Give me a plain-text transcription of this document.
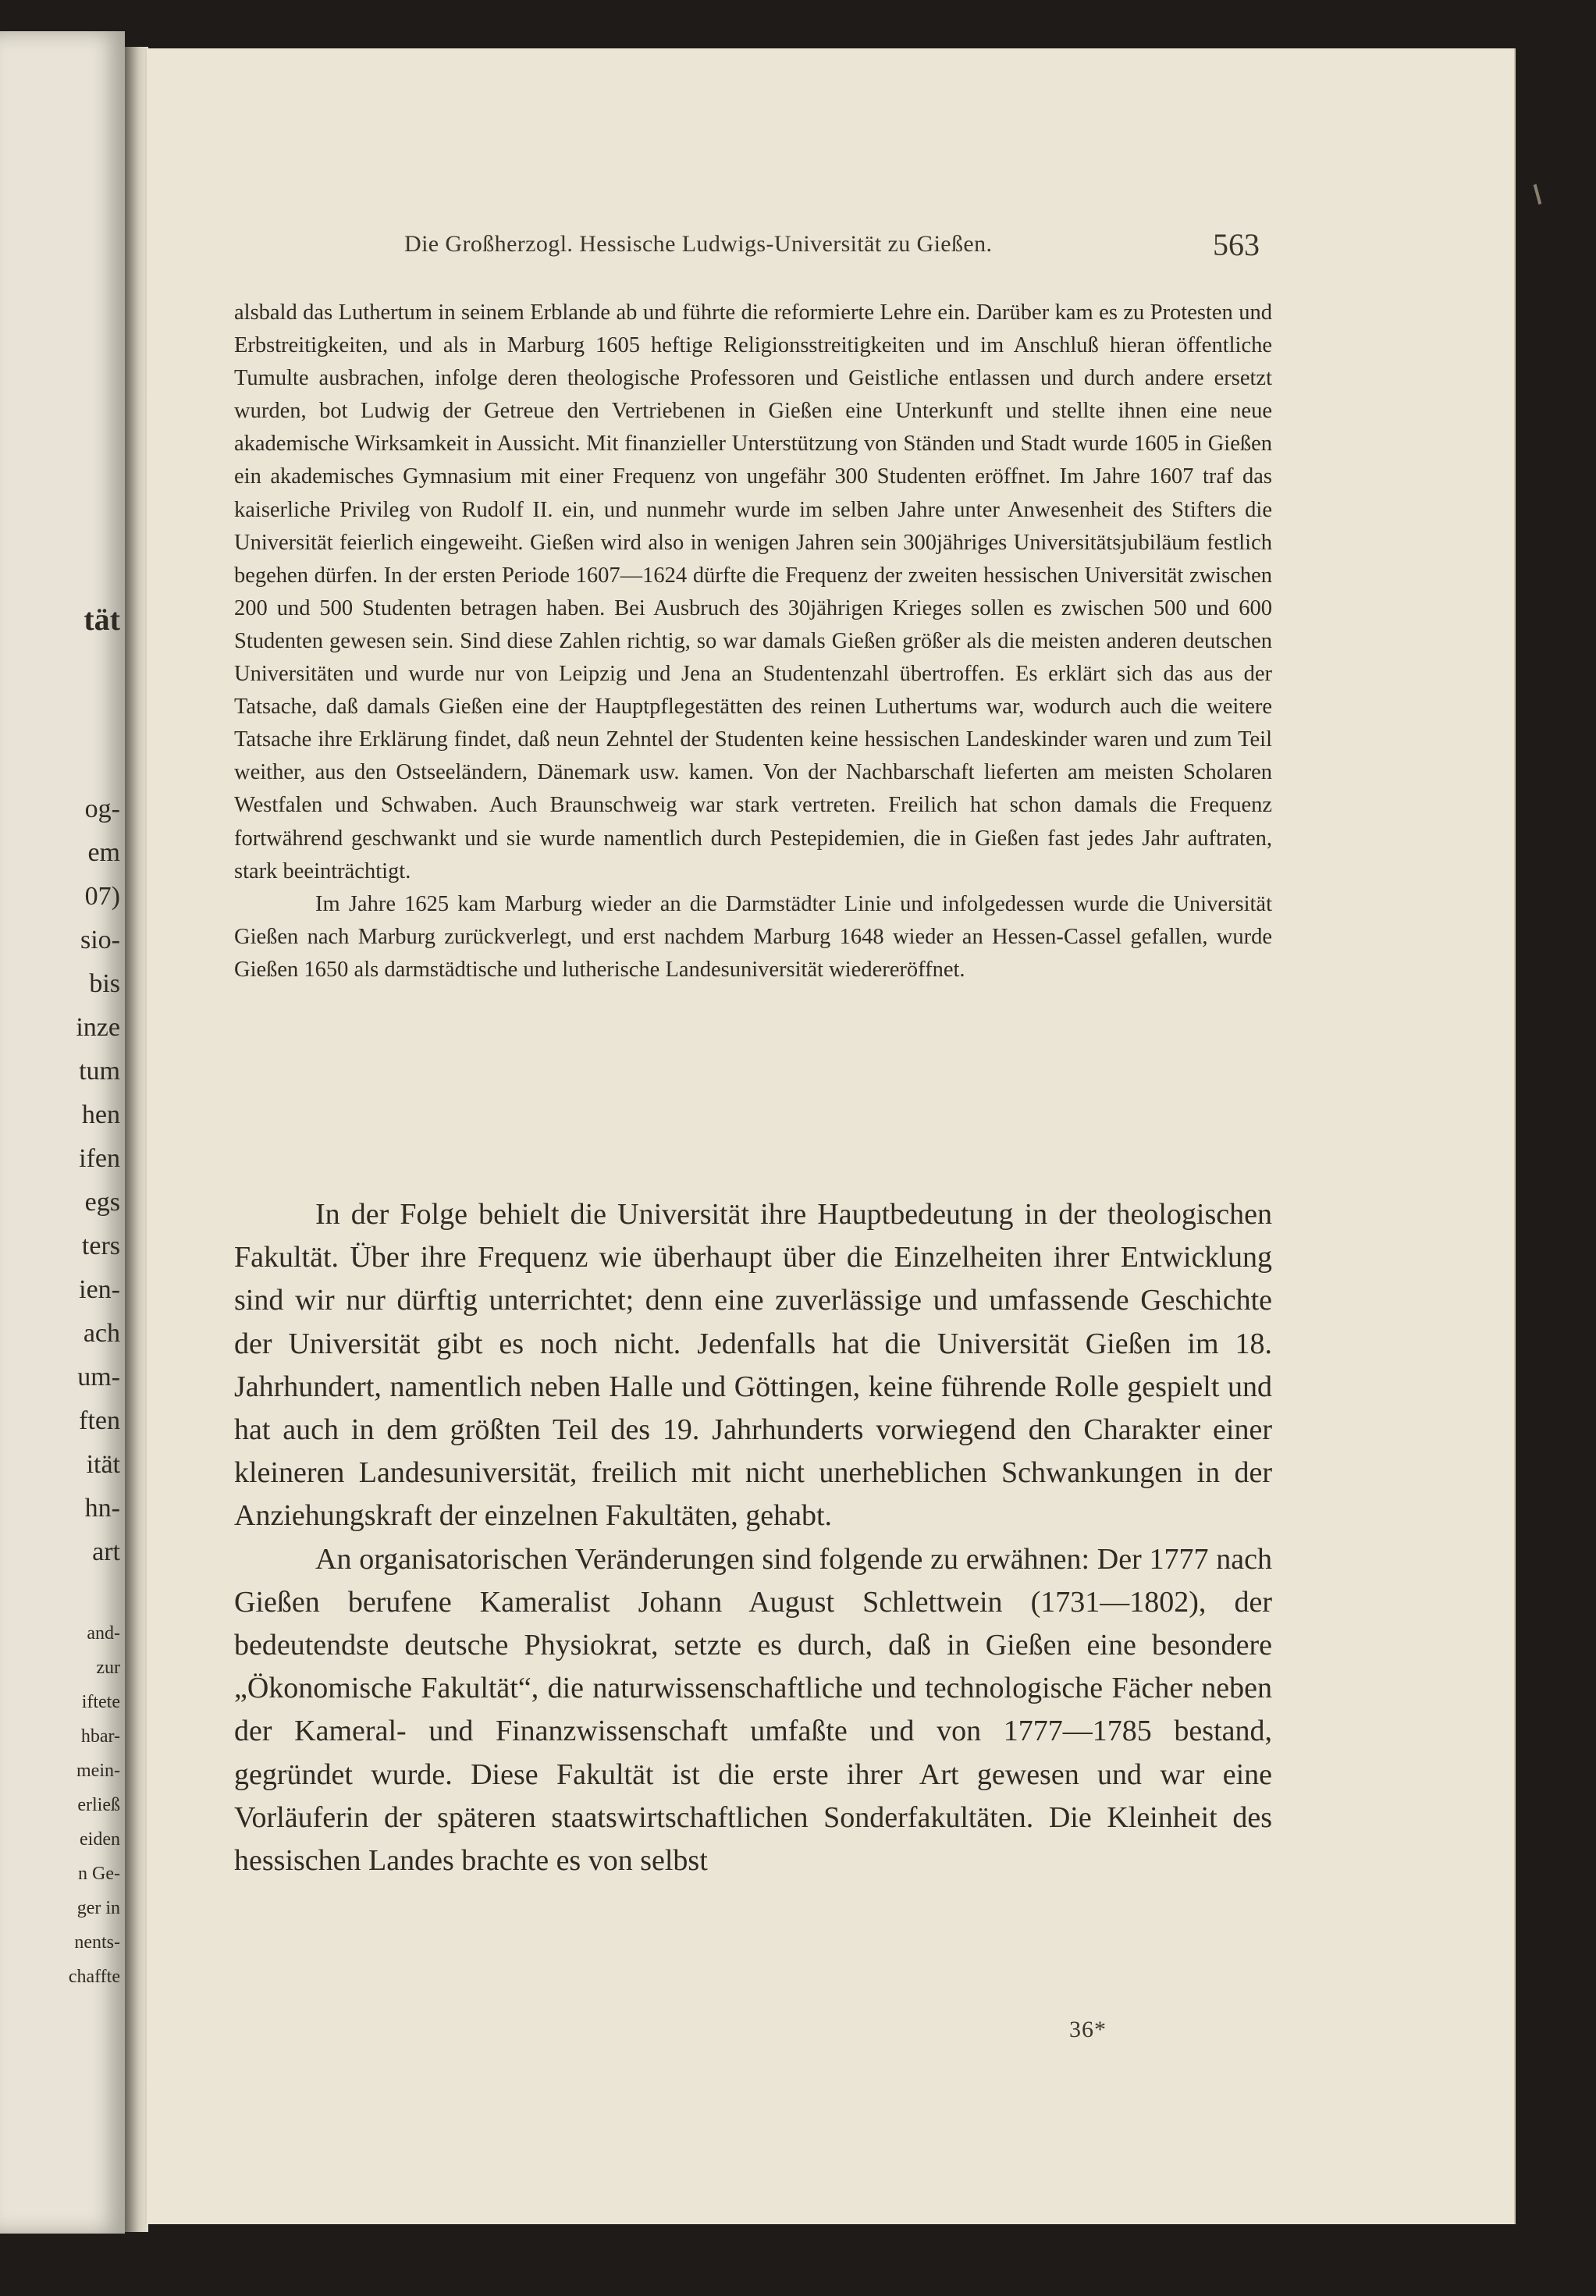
tät
og-
em
07)
sio-
bis
inze
tum
hen
ifen
egs
ters
ien-
ach
um-
ften
ität
hn-
art
and-
zur
iftete
hbar-
mein-
erließ
eiden
n Ge-
ger in
nents-
chaffte
Die Großherzogl. Hessische Ludwigs-Universität zu Gießen.	563

alsbald das Luthertum in seinem Erblande ab und führte die reformierte Lehre ein. Darüber kam es zu Protesten und Erbstreitigkeiten, und als in Marburg 1605 heftige Religionsstreitigkeiten und im Anschluß hieran öffentliche Tumulte ausbrachen, infolge deren theologische Professoren und Geistliche entlassen und durch andere ersetzt wurden, bot Ludwig der Getreue den Vertriebenen in Gießen eine Unterkunft und stellte ihnen eine neue akademische Wirksamkeit in Aussicht. Mit finanzieller Unterstützung von Ständen und Stadt wurde 1605 in Gießen ein akademisches Gymnasium mit einer Frequenz von ungefähr 300 Studenten eröffnet. Im Jahre 1607 traf das kaiserliche Privileg von Rudolf II. ein, und nunmehr wurde im selben Jahre unter Anwesenheit des Stifters die Universität feierlich eingeweiht. Gießen wird also in wenigen Jahren sein 300jähriges Universitätsjubiläum festlich begehen dürfen. In der ersten Periode 1607—1624 dürfte die Frequenz der zweiten hessischen Universität zwischen 200 und 500 Studenten betragen haben. Bei Ausbruch des 30jährigen Krieges sollen es zwischen 500 und 600 Studenten gewesen sein. Sind diese Zahlen richtig, so war damals Gießen größer als die meisten anderen deutschen Universitäten und wurde nur von Leipzig und Jena an Studentenzahl übertroffen. Es erklärt sich das aus der Tatsache, daß damals Gießen eine der Hauptpflegestätten des reinen Luthertums war, wodurch auch die weitere Tatsache ihre Erklärung findet, daß neun Zehntel der Studenten keine hessischen Landeskinder waren und zum Teil weither, aus den Ostseeländern, Dänemark usw. kamen. Von der Nachbarschaft lieferten am meisten Scholaren Westfalen und Schwaben. Auch Braunschweig war stark vertreten. Freilich hat schon damals die Frequenz fortwährend geschwankt und sie wurde namentlich durch Pestepidemien, die in Gießen fast jedes Jahr auftraten, stark beeinträchtigt.

Im Jahre 1625 kam Marburg wieder an die Darmstädter Linie und infolgedessen wurde die Universität Gießen nach Marburg zurückverlegt, und erst nachdem Marburg 1648 wieder an Hessen-Cassel gefallen, wurde Gießen 1650 als darmstädtische und lutherische Landesuniversität wiedereröffnet.

In der Folge behielt die Universität ihre Hauptbedeutung in der theologischen Fakultät. Über ihre Frequenz wie überhaupt über die Einzelheiten ihrer Entwicklung sind wir nur dürftig unterrichtet; denn eine zuverlässige und umfassende Geschichte der Universität gibt es noch nicht. Jedenfalls hat die Universität Gießen im 18. Jahrhundert, namentlich neben Halle und Göttingen, keine führende Rolle gespielt und hat auch in dem größten Teil des 19. Jahrhunderts vorwiegend den Charakter einer kleineren Landesuniversität, freilich mit nicht unerheblichen Schwankungen in der Anziehungskraft der einzelnen Fakultäten, gehabt.

An organisatorischen Veränderungen sind folgende zu erwähnen: Der 1777 nach Gießen berufene Kameralist Johann August Schlettwein (1731—1802), der bedeutendste deutsche Physiokrat, setzte es durch, daß in Gießen eine besondere „Ökonomische Fakultät“, die naturwissenschaftliche und technologische Fächer neben der Kameral- und Finanzwissenschaft umfaßte und von 1777—1785 bestand, gegründet wurde. Diese Fakultät ist die erste ihrer Art gewesen und war eine Vorläuferin der späteren staatswirtschaftlichen Sonderfakultäten. Die Kleinheit des hessischen Landes brachte es von selbst

36*
